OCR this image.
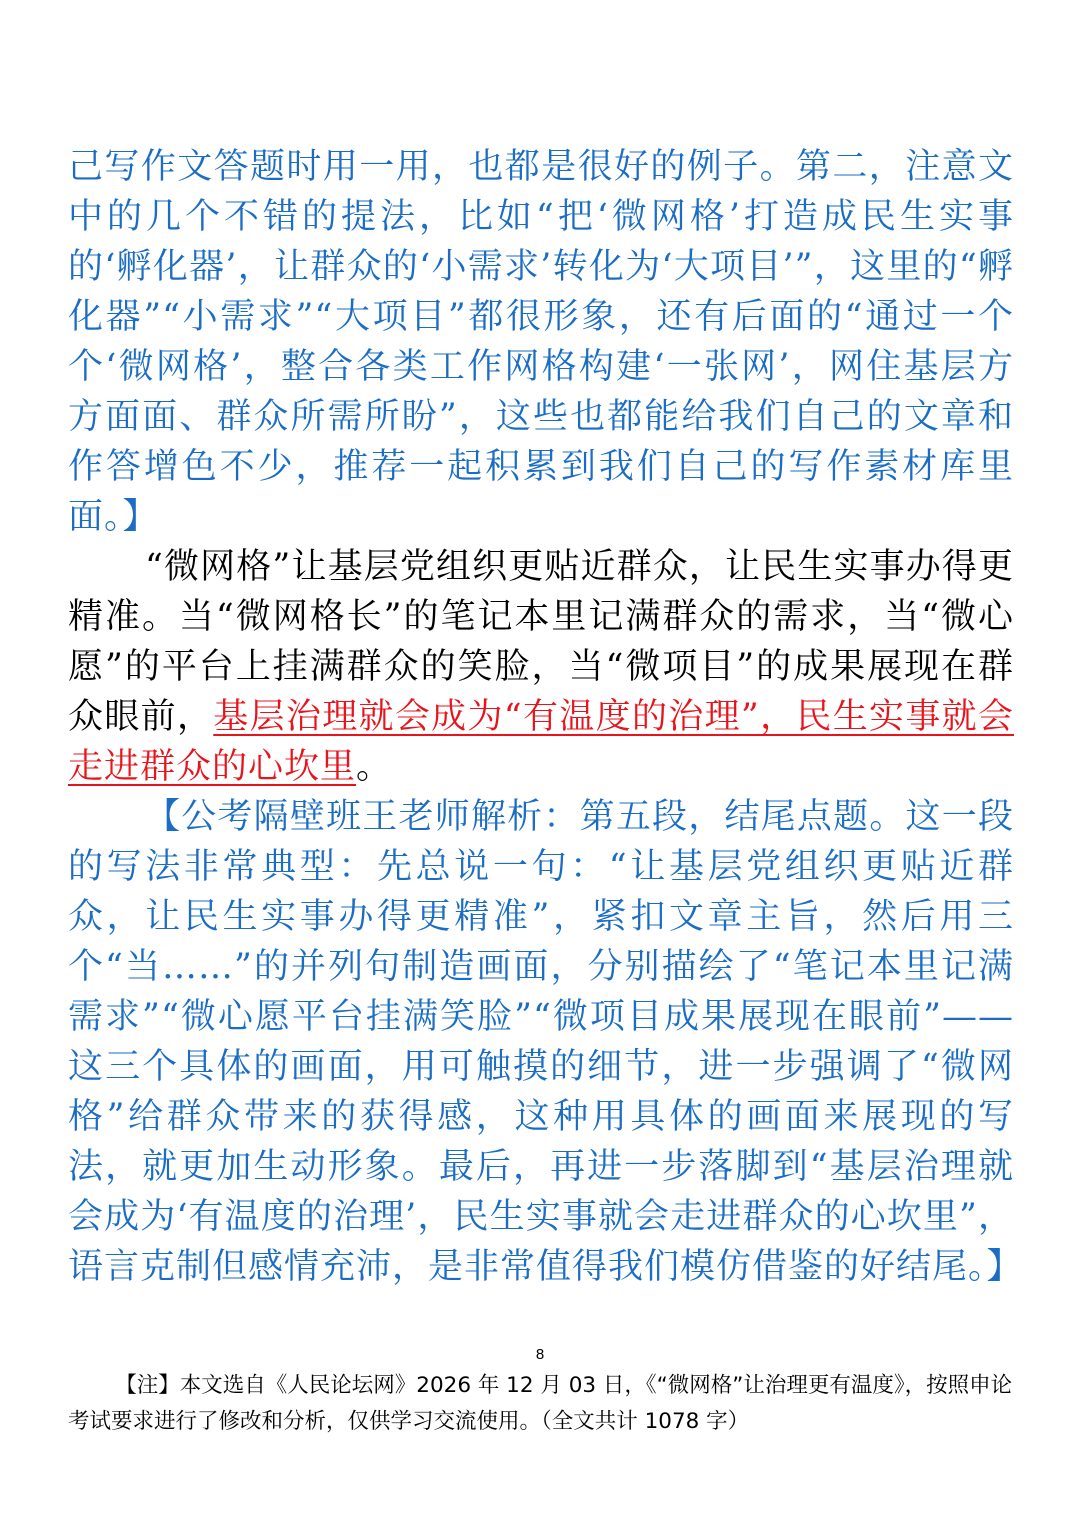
己写作文答题时用一用，也都是很好的例子。第二，注意文中的几个不错的提法，比如“把‘微网格’打造成民生实事的‘孵化器’，让群众的‘小需求’转化为‘大项目’”，这里的“孵化器”“小需求”“大项目”都很形象，还有后面的“通过一个个‘微网格’，整合各类工作网格构建‘一张网’，网住基层方方面面、群众所需所盼”，这些也都能给我们自己的文章和作答增色不少，推荐一起积累到我们自己的写作素材库里面。】

“微网格”让基层党组织更贴近群众，让民生实事办得更精准。当“微网格长”的笔记本里记满群众的需求，当“微心愿”的平台上挂满群众的笑脸，当“微项目”的成果展现在群众眼前，基层治理就会成为“有温度的治理”，民生实事就会走进群众的心坎里。

【公考隔壁班王老师解析：第五段，结尾点题。这一段的写法非常典型：先总说一句：“让基层党组织更贴近群众，让民生实事办得更精准”，紧扣文章主旨，然后用三个“当……”的并列句制造画面，分别描绘了“笔记本里记满需求”“微心愿平台挂满笑脸”“微项目成果展现在眼前”——这三个具体的画面，用可触摸的细节，进一步强调了“微网格”给群众带来的获得感，这种用具体的画面来展现的写法，就更加生动形象。最后，再进一步落脚到“基层治理就会成为‘有温度的治理’，民生实事就会走进群众的心坎里”，语言克制但感情充沛，是非常值得我们模仿借鉴的好结尾。】

8

【注】本文选自《人民论坛网》2026 年 12 月 03 日，《“微网格”让治理更有温度》，按照申论考试要求进行了修改和分析，仅供学习交流使用。（全文共计 1078 字）
